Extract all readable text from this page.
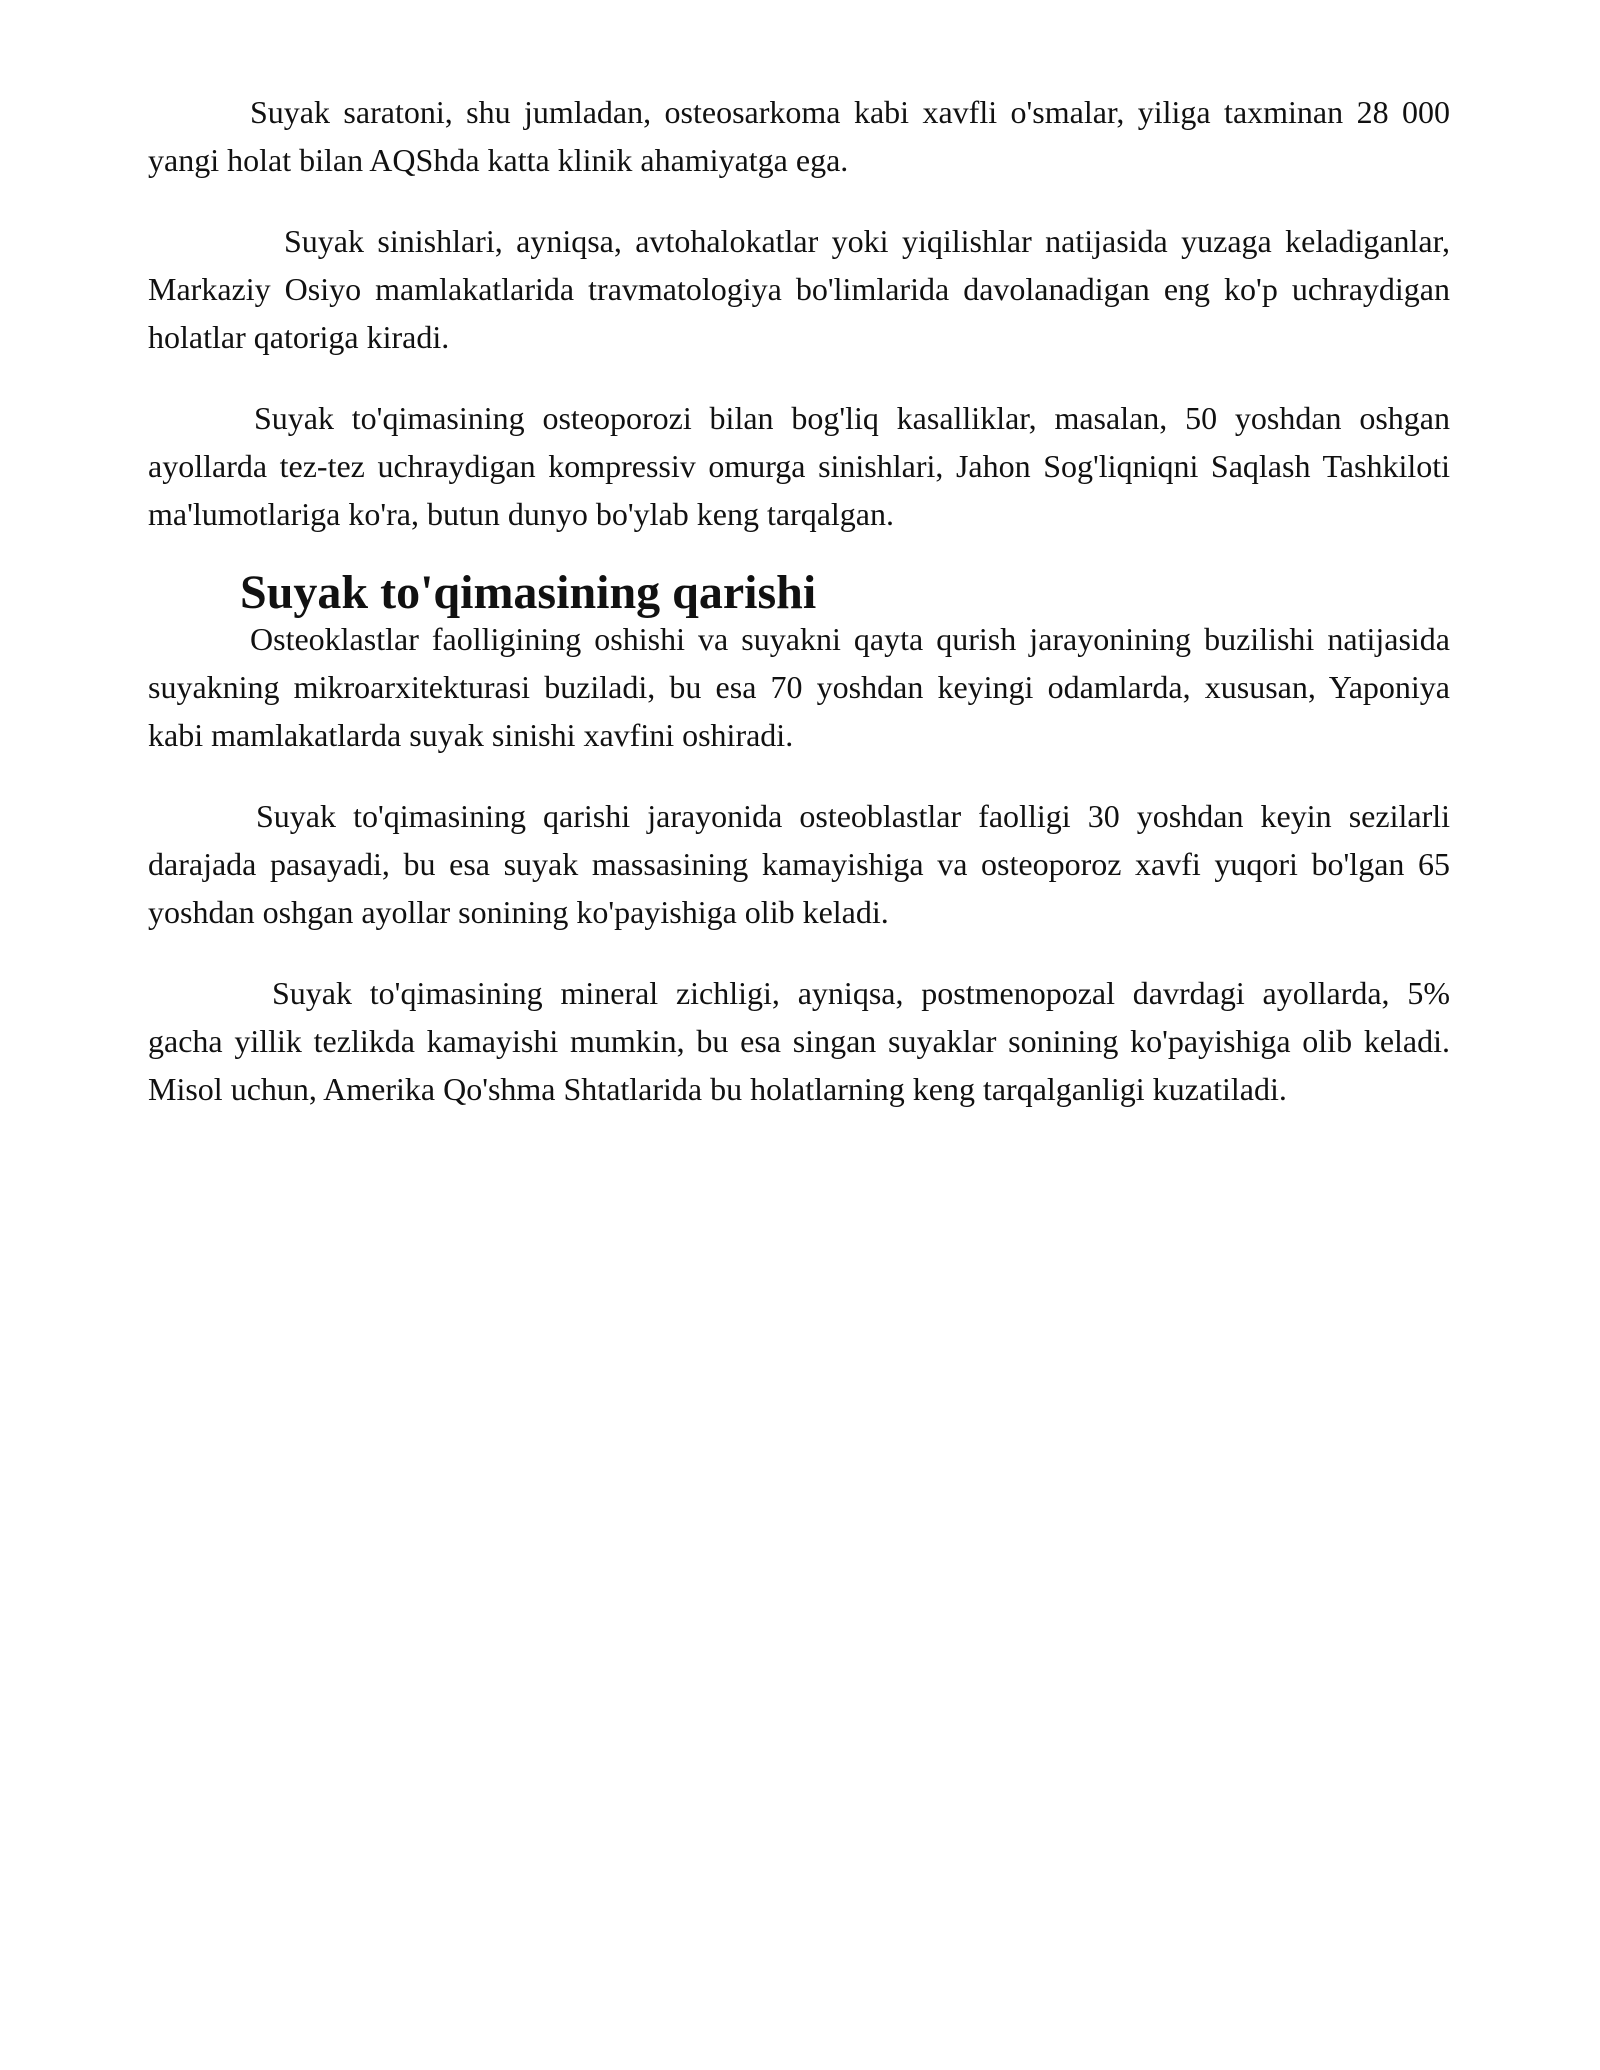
Suyak saratoni, shu jumladan, osteosarkoma kabi xavfli o'smalar, yiliga taxminan 28 000 yangi holat bilan AQShda katta klinik ahamiyatga ega.

Suyak sinishlari, ayniqsa, avtohalokatlar yoki yiqilishlar natijasida yuzaga keladiganlar, Markaziy Osiyo mamlakatlarida travmatologiya bo'limlarida davolanadigan eng ko'p uchraydigan holatlar qatoriga kiradi.

Suyak to'qimasining osteoporozi bilan bog'liq kasalliklar, masalan, 50 yoshdan oshgan ayollarda tez-tez uchraydigan kompressiv omurga sinishlari, Jahon Sog'liqniqni Saqlash Tashkiloti ma'lumotlariga ko'ra, butun dunyo bo'ylab keng tarqalgan.

Suyak to'qimasining qarishi

Osteoklastlar faolligining oshishi va suyakni qayta qurish jarayonining buzilishi natijasida suyakning mikroarxitekturasi buziladi, bu esa 70 yoshdan keyingi odamlarda, xususan, Yaponiya kabi mamlakatlarda suyak sinishi xavfini oshiradi.

Suyak to'qimasining qarishi jarayonida osteoblastlar faolligi 30 yoshdan keyin sezilarli darajada pasayadi, bu esa suyak massasining kamayishiga va osteoporoz xavfi yuqori bo'lgan 65 yoshdan oshgan ayollar sonining ko'payishiga olib keladi.

Suyak to'qimasining mineral zichligi, ayniqsa, postmenopozal davrdagi ayollarda, 5% gacha yillik tezlikda kamayishi mumkin, bu esa singan suyaklar sonining ko'payishiga olib keladi. Misol uchun, Amerika Qo'shma Shtatlarida bu holatlarning keng tarqalganligi kuzatiladi.
